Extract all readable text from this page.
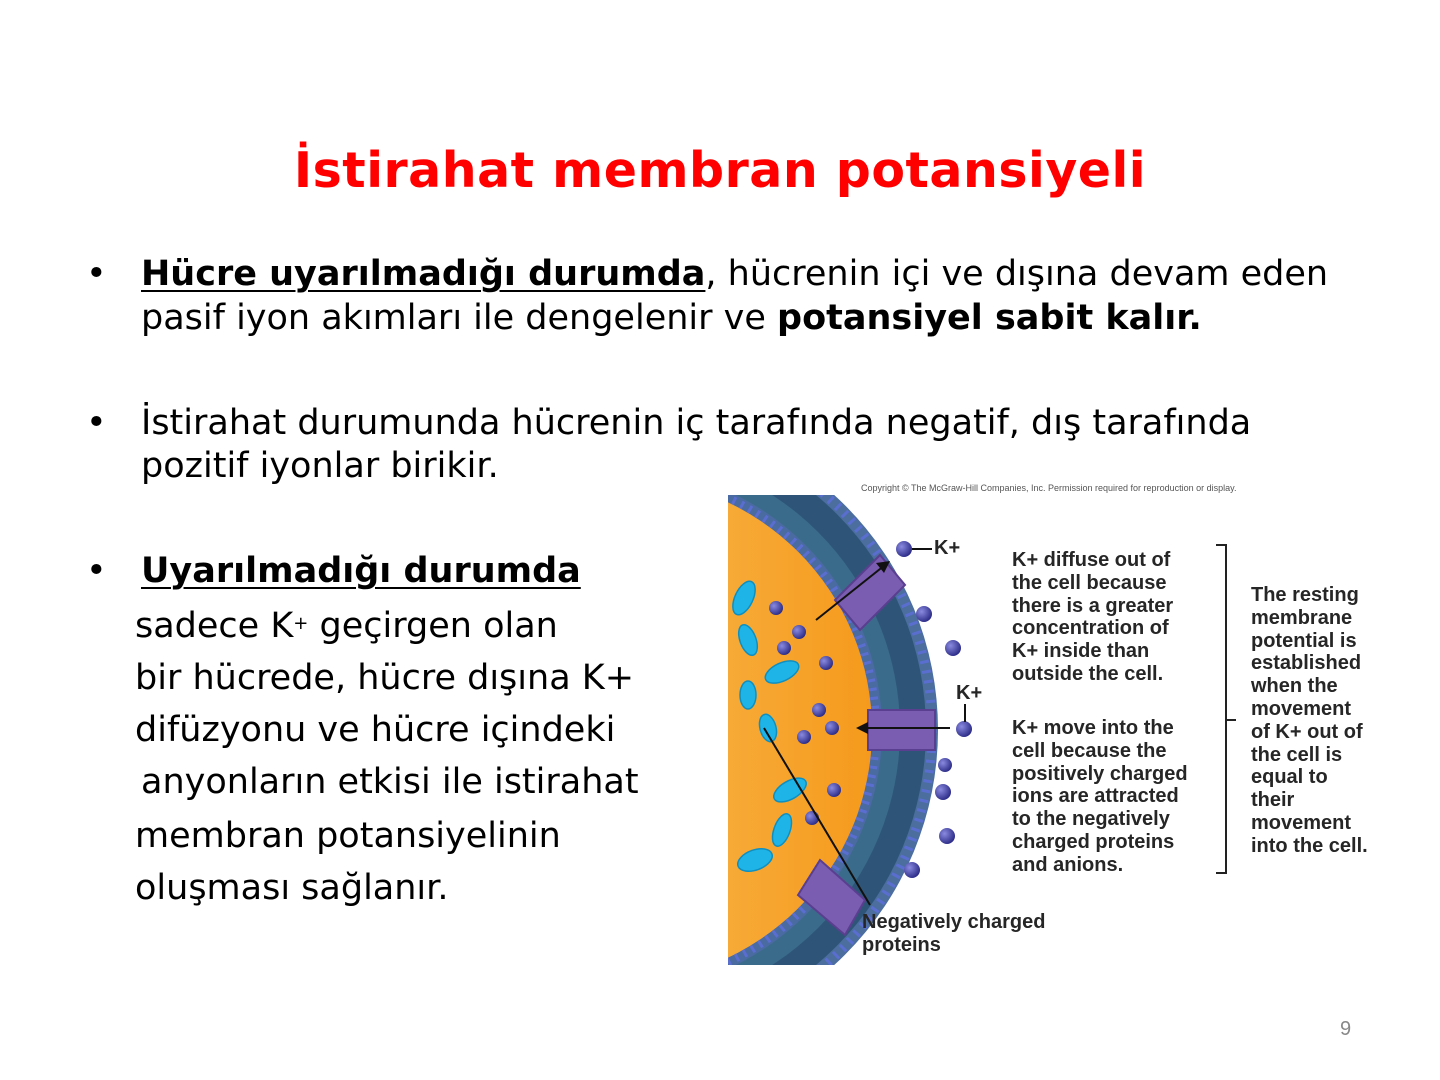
İstirahat membran potansiyeli
• Hücre uyarılmadığı durumda, hücrenin içi ve dışına devam eden
pasif iyon akımları ile dengelenir ve potansiyel sabit kalır.
• İstirahat durumunda hücrenin iç tarafında negatif, dış tarafında
pozitif iyonlar birikir.
• Uyarılmadığı durumda
sadece K+ geçirgen olan
bir hücrede, hücre dışına K+
difüzyonu ve hücre içindeki
anyonların etkisi ile istirahat
membran potansiyelinin
oluşması sağlanır.
Copyright © The McGraw-Hill Companies, Inc. Permission required for reproduction or display.
K+
K+
K+ diffuse out of
the cell because
there is a greater
concentration of
K+ inside than
outside the cell.
K+ move into the
cell because the
positively charged
ions are attracted
to the negatively
charged proteins
and anions.
The resting
membrane
potential is
established
when the
movement
of K+ out of
the cell is
equal to
their
movement
into the cell.
Negatively charged
proteins
9
